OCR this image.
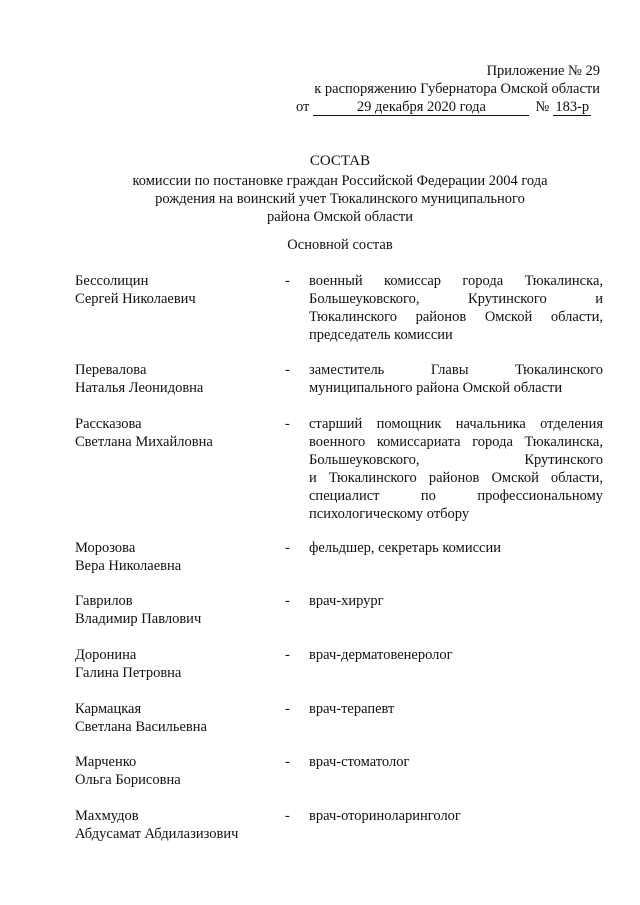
Приложение № 29
к распоряжению Губернатора Омской области
от	29 декабря 2020 года	№ 183-р
СОСТАВ
комиссии по постановке граждан Российской Федерации 2004 года
рождения на воинский учет Тюкалинского муниципального
района Омской области
Основной состав
Бессолицин
Сергей Николаевич
-	военный комиссар города Тюкалинска,
Большеуковского, Крутинского и
Тюкалинского районов Омской области,
председатель комиссии
Перевалова
Наталья Леонидовна
-	заместитель Главы Тюкалинского
муниципального района Омской области
Рассказова
Светлана Михайловна
-	старший помощник начальника отделения
военного комиссариата города Тюкалинска,
Большеуковского, Крутинского
и Тюкалинского районов Омской области,
специалист по профессиональному
психологическому отбору
Морозова
Вера Николаевна
-	фельдшер, секретарь комиссии
Гаврилов
Владимир Павлович
-	врач-хирург
Доронина
Галина Петровна
-	врач-дерматовенеролог
Кармацкая
Светлана Васильевна
-	врач-терапевт
Марченко
Ольга Борисовна
-	врач-стоматолог
Махмудов
Абдусамат Абдилазизович
-	врач-оториноларинголог
